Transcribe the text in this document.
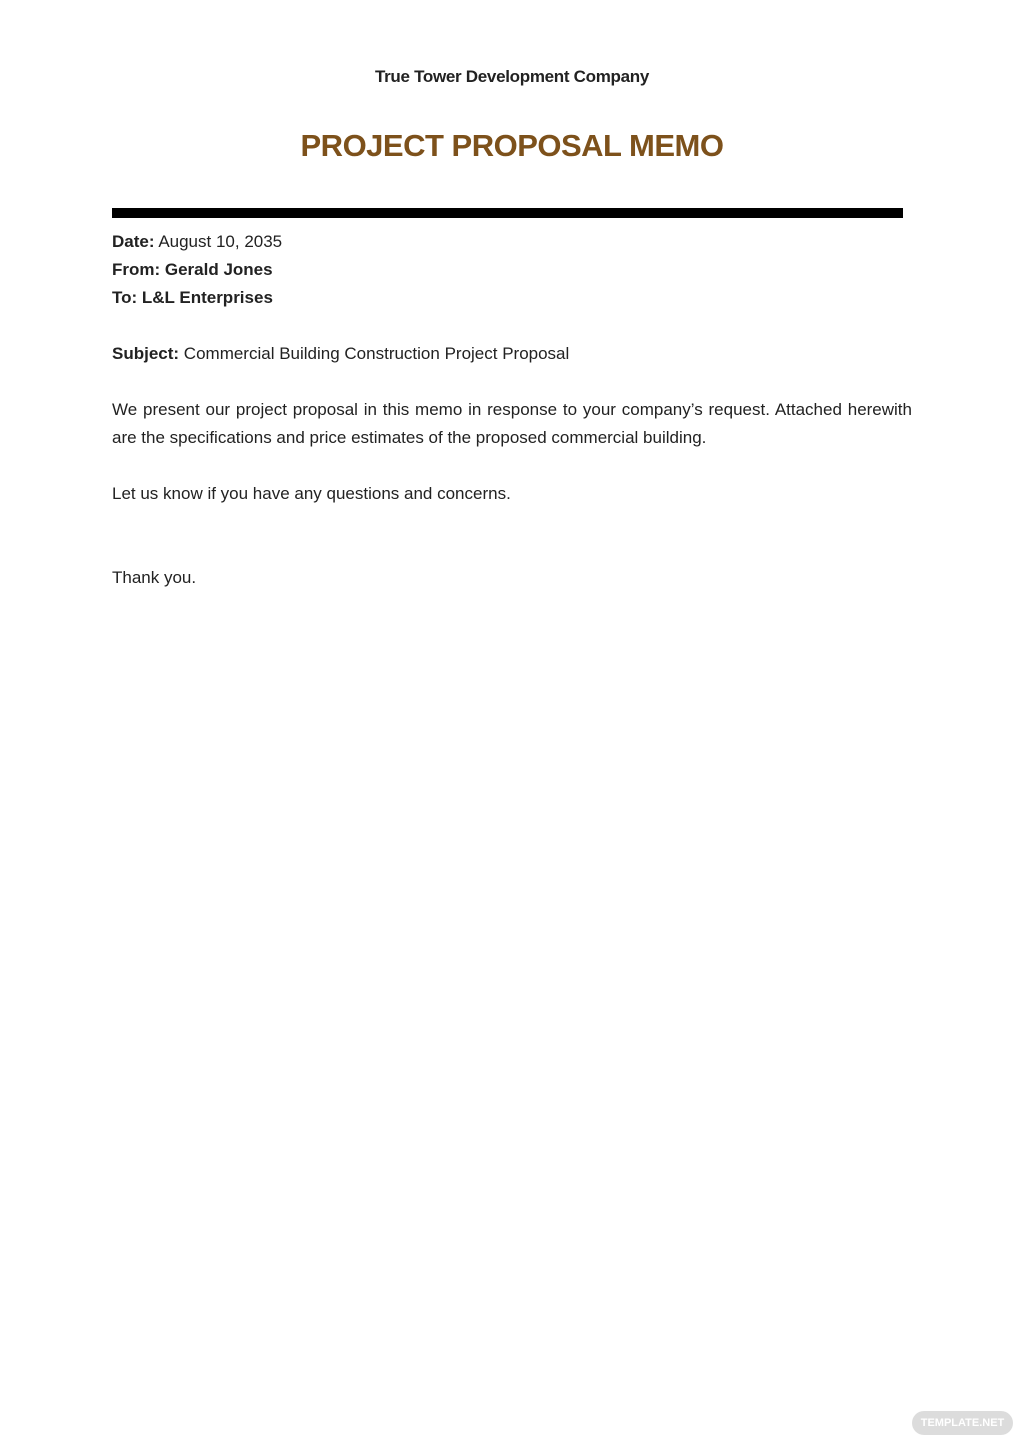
True Tower Development Company
PROJECT PROPOSAL MEMO

Date: August 10, 2035

From: Gerald Jones

To: L&L Enterprises

Subject: Commercial Building Construction Project Proposal

We present our project proposal in this memo in response to your company’s request. Attached herewith are the specifications and price estimates of the proposed commercial building.

Let us know if you have any questions and concerns.

Thank you.

TEMPLATE.NET
